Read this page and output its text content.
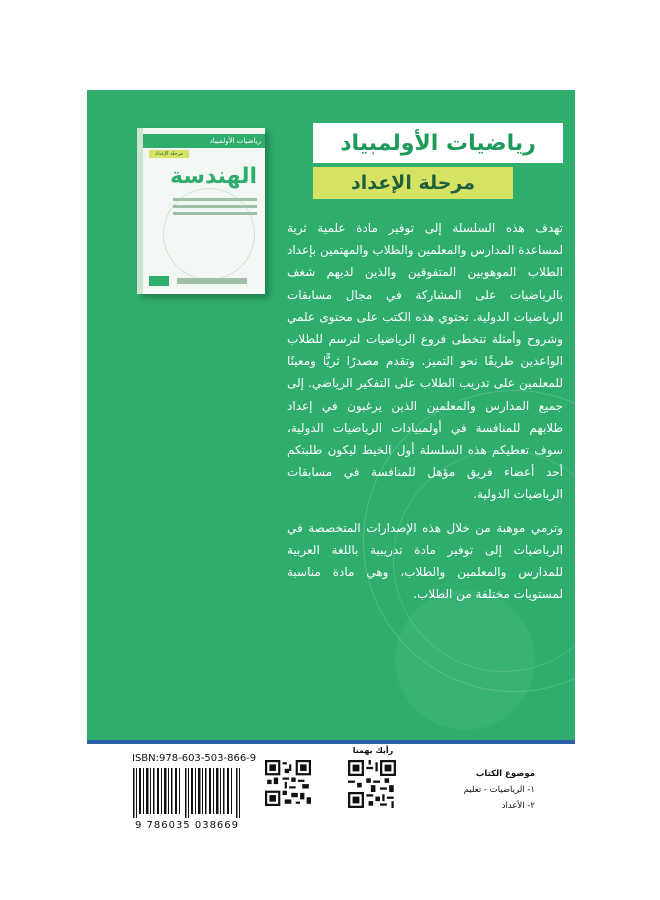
رياضيات الأولمبياد
مرحلة الإعداد
الهندسة
رياضيات الأولمبياد
مرحلة الإعداد

تهدف هذه السلسلة إلى توفير مادة علمية ثرية لمساعدة المدارس والمعلمين والطلاب والمهتمين بإعداد الطلاب الموهوبين المتفوقين والذين لديهم شغف بالرياضيات على المشاركة في مجال مسابقات الرياضيات الدولية. تحتوي هذه الكتب على محتوى علمي وشروح وأمثلة تتخطى فروع الرياضيات لترسم للطلاب الواعدين طريقًا نحو التميز. وتقدم مصدرًا ثريًّا ومعينًا للمعلمين على تدريب الطلاب على التفكير الرياضي. إلى جميع المدارس والمعلمين الذين يرغبون في إعداد طلابهم للمنافسة في أولمبيادات الرياضيات الدولية، سوف تعطيكم هذه السلسلة أول الخيط ليكون طلبتكم أحد أعضاء فريق مؤهل للمنافسة في مسابقات الرياضيات الدولية.

وترمي موهبة من خلال هذه الإصدارات المتخصصة في الرياضيات إلى توفير مادة تدريبية باللغة العربية للمدارس والمعلمين والطلاب، وهي مادة مناسبة لمستويات مختلفة من الطلاب.

ISBN:978-603-503-866-9
9 786035 038669
رأيك يهمنا
موضوع الكتاب
١- الرياضيات - تعليم
٢- الأعداد
